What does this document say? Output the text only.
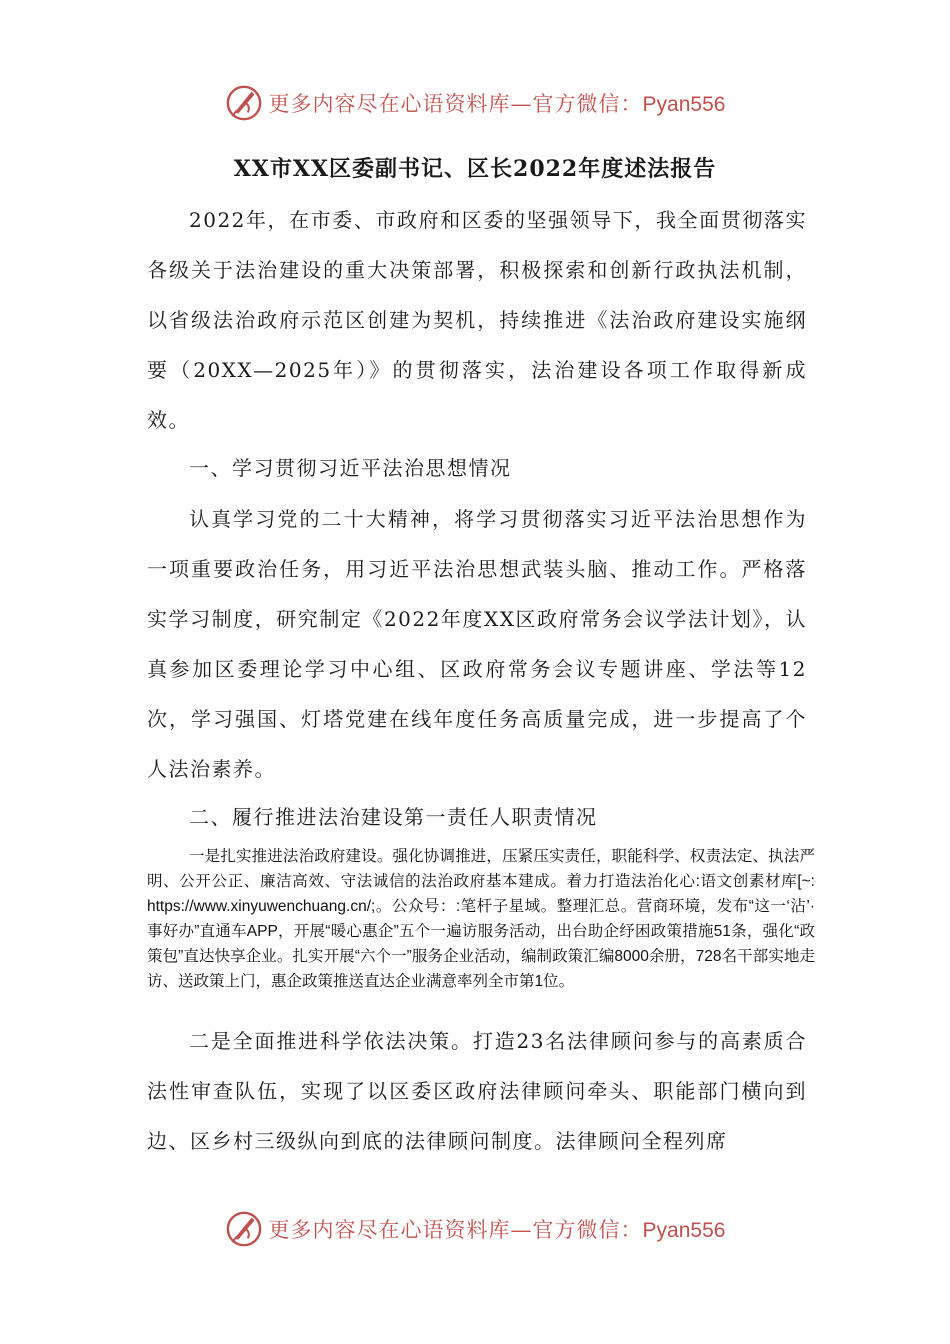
更多内容尽在心语资料库—官方微信：Pyan556
XX市XX区委副书记、区长2022年度述法报告
2022年，在市委、市政府和区委的坚强领导下，我全面贯彻落实各级关于法治建设的重大决策部署，积极探索和创新行政执法机制，以省级法治政府示范区创建为契机，持续推进《法治政府建设实施纲要（20XX—2025年）》的贯彻落实，法治建设各项工作取得新成效。
一、学习贯彻习近平法治思想情况
认真学习党的二十大精神，将学习贯彻落实习近平法治思想作为一项重要政治任务，用习近平法治思想武装头脑、推动工作。严格落实学习制度，研究制定《2022年度XX区政府常务会议学法计划》，认真参加区委理论学习中心组、区政府常务会议专题讲座、学法等12次，学习强国、灯塔党建在线年度任务高质量完成，进一步提高了个人法治素养。
二、履行推进法治建设第一责任人职责情况
一是扎实推进法治政府建设。强化协调推进，压紧压实责任，职能科学、权责法定、执法严明、公开公正、廉洁高效、守法诚信的法治政府基本建成。着力打造法治化心:语文创素材库[~: https://www.xinyuwenchuang.cn/;。公众号：:笔杆子星域。整理汇总。营商环境，发布“这一‘沾’·事好办”直通车APP，开展“暖心惠企”五个一遍访服务活动，出台助企纾困政策措施51条，强化“政策包”直达快享企业。扎实开展“六个一”服务企业活动，编制政策汇编8000余册，728名干部实地走访、送政策上门，惠企政策推送直达企业满意率列全市第1位。
二是全面推进科学依法决策。打造23名法律顾问参与的高素质合法性审查队伍，实现了以区委区政府法律顾问牵头、职能部门横向到边、区乡村三级纵向到底的法律顾问制度。法律顾问全程列席
更多内容尽在心语资料库—官方微信：Pyan556
